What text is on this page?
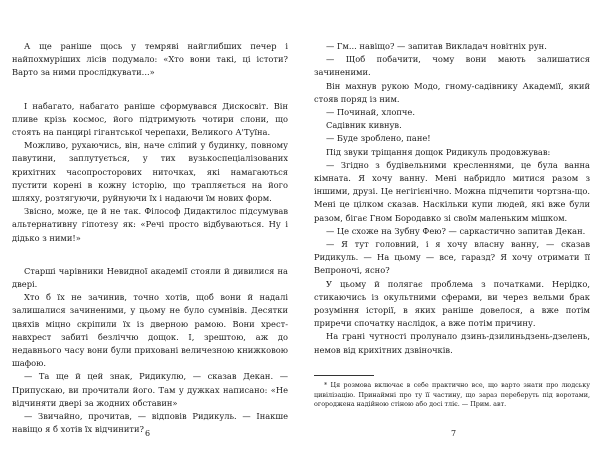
А ще раніше щось у темряві найглибших печер і найпохмуріших лісів подумало: «Хто вони такі, ці істоти? Варто за ними прослідкувати...»

І набагато, набагато раніше сформувався Дискосвіт. Він пливе крізь космос, його підтримують чотири слони, що стоять на панцирі гігантської черепахи, Великого А'Туїна.

Можливо, рухаючись, він, наче сліпий у будинку, повному павутини, заплутується, у тих вузькоспеціалізованих крихітних часопросторових ниточках, які намагаються пустити корені в кожну історію, що трапляється на його шляху, розтягуючи, руйнуючи їх і надаючи їм нових форм.

Звісно, може, це й не так. Філософ Дидактилос підсумував альтернативну гіпотезу як: «Речі просто відбуваються. Ну і дідько з ними!»

Старші чарівники Невидної академії стояли й дивилися на двері.

Хто б їх не зачинив, точно хотів, щоб вони й надалі залишалися зачиненими, у цьому не було сумнівів. Десятки цвяхів міцно скріпили їх із дверною рамою. Вони хрест-навхрест забиті безліччю дощок. І, зрештою, аж до недавнього часу вони були приховані величезною книжковою шафою.

— Та ще й цей знак, Ридикулю, — сказав Декан. — Припускаю, ви прочитали його. Там у дужках написано: «Не відчиняти двері за жодних обставин»

— Звичайно, прочитав, — відповів Ридикуль. — Інакше навіщо я б хотів їх відчинити? 6

— Гм... навіщо? — запитав Викладач новітніх рун.

— Щоб побачити, чому вони мають залишатися зачиненими.

Він махнув рукою Модо, гному-садівнику Академії, який стояв поряд із ним.

— Починай, хлопче.

Садівник кивнув.

— Буде зроблено, пане!

Під звуки тріщання дощок Ридикуль продовжував:

— Згідно з будівельними кресленнями, це була ванна кімната. Я хочу ванну. Мені набридло митися разом з іншими, друзі. Це негігієнічно. Можна підчепити чортзна-що. Мені це цілком сказав. Наскільки купи людей, які вже були разом, бігає Гном Бородавко зі своїм маленьким мішком.

— Це схоже на Зубну Фею? — саркастично запитав Декан.

— Я тут головний, і я хочу власну ванну, — сказав Ридикуль. — На цьому — все, гаразд? Я хочу отримати її Вепроночі, ясно?

У цьому й полягає проблема з початками. Нерідко, стикаючись із окультними сферами, ви через вельми брак розуміння історії, в яких раніше довелося, а вже потім приречи спочатку наслідок, а вже потім причину.

На грані чутності пролунало дзинь-дзилиньдзень-дзелень, немов від крихітних дзвіночків.

* Ця розмова включає в себе практично все, що варто знати про людську цивілізацію. Принаймні про ту її частину, що зараз переберуть під воротами, огороджена надійною стіною або досі тліє. — Прим. авт.
7
